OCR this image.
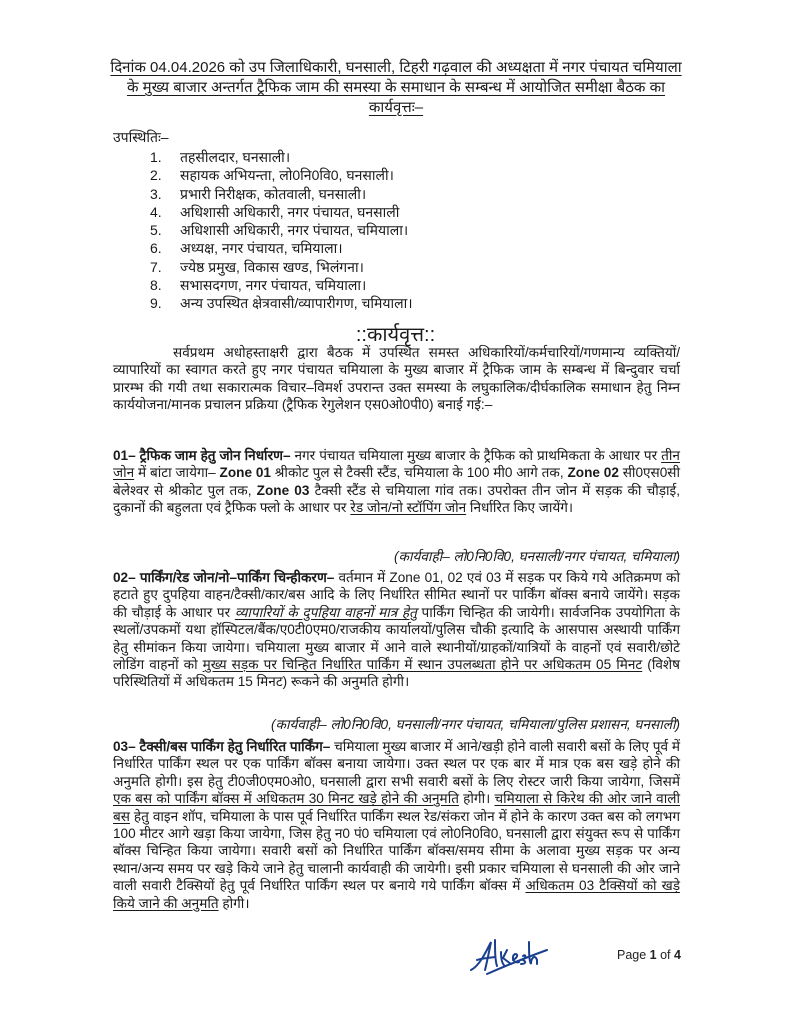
दिनांक 04.04.2026 को उप जिलाधिकारी, घनसाली, टिहरी गढ़वाल की अध्यक्षता में नगर पंचायत चमियाला के मुख्य बाजार अन्तर्गत ट्रैफिक जाम की समस्या के समाधान के सम्बन्ध में आयोजित समीक्षा बैठक का कार्यवृत्तः–
उपस्थितिः–
1.	तहसीलदार, घनसाली।
2.	सहायक अभियन्ता, लो0नि0वि0, घनसाली।
3.	प्रभारी निरीक्षक, कोतवाली, घनसाली।
4.	अधिशासी अधिकारी, नगर पंचायत, घनसाली
5.	अधिशासी अधिकारी, नगर पंचायत, चमियाला।
6.	अध्यक्ष, नगर पंचायत, चमियाला।
7.	ज्येष्ठ प्रमुख, विकास खण्ड, भिलंगना।
8.	सभासदगण, नगर पंचायत, चमियाला।
9.	अन्य उपस्थित क्षेत्रवासी/व्यापारीगण, चमियाला।
::कार्यवृत्त::

सर्वप्रथम अधोहस्ताक्षरी द्वारा बैठक में उपस्थित समस्त अधिकारियों/कर्मचारियों/गणमान्य व्यक्तियों/व्यापारियों का स्वागत करते हुए नगर पंचायत चमियाला के मुख्य बाजार में ट्रैफिक जाम के सम्बन्ध में बिन्दुवार चर्चा प्रारम्भ की गयी तथा सकारात्मक विचार–विमर्श उपरान्त उक्त समस्या के लघुकालिक/दीर्घकालिक समाधान हेतु निम्न कार्ययोजना/मानक प्रचालन प्रक्रिया (ट्रैफिक रेगुलेशन एस0ओ0पी0) बनाई गई:–

01– ट्रैफिक जाम हेतु जोन निर्धारण– नगर पंचायत चमियाला मुख्य बाजार के ट्रैफिक को प्राथमिकता के आधार पर तीन जोन में बांटा जायेगा– Zone 01 श्रीकोट पुल से टैक्सी स्टैंड, चमियाला के 100 मी0 आगे तक, Zone 02 सी0एस0सी बेलेश्वर से श्रीकोट पुल तक, Zone 03 टैक्सी स्टैंड से चमियाला गांव तक। उपरोक्त तीन जोन में सड़क की चौड़ाई, दुकानों की बहुलता एवं ट्रैफिक फ्लो के आधार पर रेड जोन/नो स्टॉपिंग जोन निर्धारित किए जायेंगे।

(कार्यवाही– लो0नि0वि0, घनसाली/नगर पंचायत, चमियाला)

02– पार्किंग/रेड जोन/नो–पार्किंग चिन्हीकरण– वर्तमान में Zone 01, 02 एवं 03 में सड़क पर किये गये अतिक्रमण को हटाते हुए दुपहिया वाहन/टैक्सी/कार/बस आदि के लिए निर्धारित सीमित स्थानों पर पार्किंग बॉक्स बनाये जायेंगे। सड़क की चौड़ाई के आधार पर व्यापारियों के दुपहिया वाहनों मात्र हेतु पार्किंग चिन्हित की जायेगी। सार्वजनिक उपयोगिता के स्थलों/उपकमों यथा हॉस्पिटल/बैंक/ए0टी0एम0/राजकीय कार्यालयों/पुलिस चौकी इत्यादि के आसपास अस्थायी पार्किंग हेतु सीमांकन किया जायेगा। चमियाला मुख्य बाजार में आने वाले स्थानीयों/ग्राहकों/यात्रियों के वाहनों एवं सवारी/छोटे लोडिंग वाहनों को मुख्य सड़क पर चिन्हित निर्धारित पार्किंग में स्थान उपलब्धता होने पर अधिकतम 05 मिनट (विशेष परिस्थितियों में अधिकतम 15 मिनट) रूकने की अनुमति होगी।

(कार्यवाही– लो0नि0वि0, घनसाली/नगर पंचायत, चमियाला/पुलिस प्रशासन, घनसाली)

03– टैक्सी/बस पार्किंग हेतु निर्धारित पार्किंग– चमियाला मुख्य बाजार में आने/खड़ी होने वाली सवारी बसों के लिए पूर्व में निर्धारित पार्किंग स्थल पर एक पार्किंग बॉक्स बनाया जायेगा। उक्त स्थल पर एक बार में मात्र एक बस खड़े होने की अनुमति होगी। इस हेतु टी0जी0एम0ओ0, घनसाली द्वारा सभी सवारी बसों के लिए रोस्टर जारी किया जायेगा, जिसमें एक बस को पार्किंग बॉक्स में अधिकतम 30 मिनट खड़े होने की अनुमति होगी। चमियाला से किरेथ की ओर जाने वाली बस हेतु वाइन शॉप, चमियाला के पास पूर्व निर्धारित पार्किंग स्थल रेड/संकरा जोन में होने के कारण उक्त बस को लगभग 100 मीटर आगे खड़ा किया जायेगा, जिस हेतु न0 पं0 चमियाला एवं लो0नि0वि0, घनसाली द्वारा संयुक्त रूप से पार्किंग बॉक्स चिन्हित किया जायेगा। सवारी बसों को निर्धारित पार्किंग बॉक्स/समय सीमा के अलावा मुख्य सड़क पर अन्य स्थान/अन्य समय पर खड़े किये जाने हेतु चालानी कार्यवाही की जायेगी। इसी प्रकार चमियाला से घनसाली की ओर जाने वाली सवारी टैक्सियों हेतु पूर्व निर्धारित पार्किंग स्थल पर बनाये गये पार्किंग बॉक्स में अधिकतम 03 टैक्सियों को खड़े किये जाने की अनुमति होगी।

Page 1 of 4
